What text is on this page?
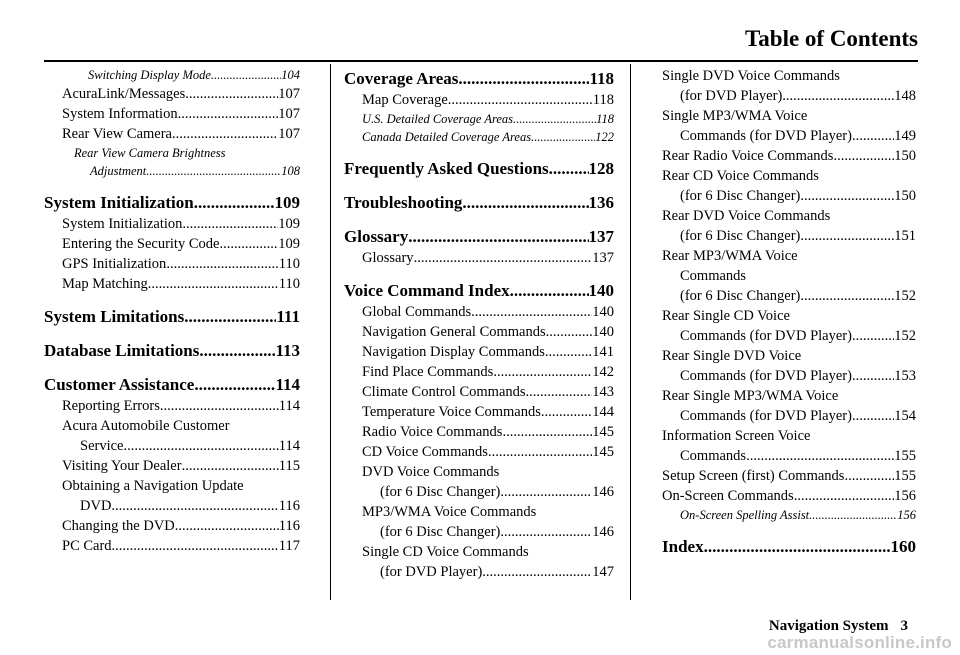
Table of Contents
Switching Display Mode .....	104
AcuraLink/Messages .....	107
System Information .....	107
Rear View Camera .....	107
Rear View Camera Brightness
Adjustment .....	108
System Initialization .....	109
System Initialization .....	109
Entering the Security Code .....	109
GPS Initialization .....	110
Map Matching .....	110
System Limitations .....	111
Database Limitations .....	113
Customer Assistance .....	114
Reporting Errors .....	114
Acura Automobile Customer
Service .....	114
Visiting Your Dealer .....	115
Obtaining a Navigation Update
DVD .....	116
Changing the DVD .....	116
PC Card .....	117
Coverage Areas .....	118
Map Coverage .....	118
U.S. Detailed Coverage Areas .....	118
Canada Detailed Coverage Areas .....	122
Frequently Asked Questions ..... 128
Troubleshooting .....	136
Glossary .....	137
Glossary .....	137
Voice Command Index .....	140
Global Commands .....	140
Navigation General Commands .....	140
Navigation Display Commands .....	141
Find Place Commands .....	142
Climate Control Commands .....	143
Temperature Voice Commands .....	144
Radio Voice Commands .....	145
CD Voice Commands .....	145
DVD Voice Commands
(for 6 Disc Changer) .....	146
MP3/WMA Voice Commands
(for 6 Disc Changer) .....	146
Single CD Voice Commands
(for DVD Player) .....	147
Single DVD Voice Commands
(for DVD Player) .....	148
Single MP3/WMA Voice
Commands (for DVD Player) .....	149
Rear Radio Voice Commands .....	150
Rear CD Voice Commands
(for 6 Disc Changer) .....	150
Rear DVD Voice Commands
(for 6 Disc Changer) .....	151
Rear MP3/WMA Voice
Commands
(for 6 Disc Changer) .....	152
Rear Single CD Voice
Commands (for DVD Player) .....	152
Rear Single DVD Voice
Commands (for DVD Player) .....	153
Rear Single MP3/WMA Voice
Commands (for DVD Player) .....	154
Information Screen Voice
Commands .....	155
Setup Screen (first) Commands .....	155
On-Screen Commands .....	156
On-Screen Spelling Assist .....	156
Index .....	160
Navigation System 3
carmanualsonline.info
